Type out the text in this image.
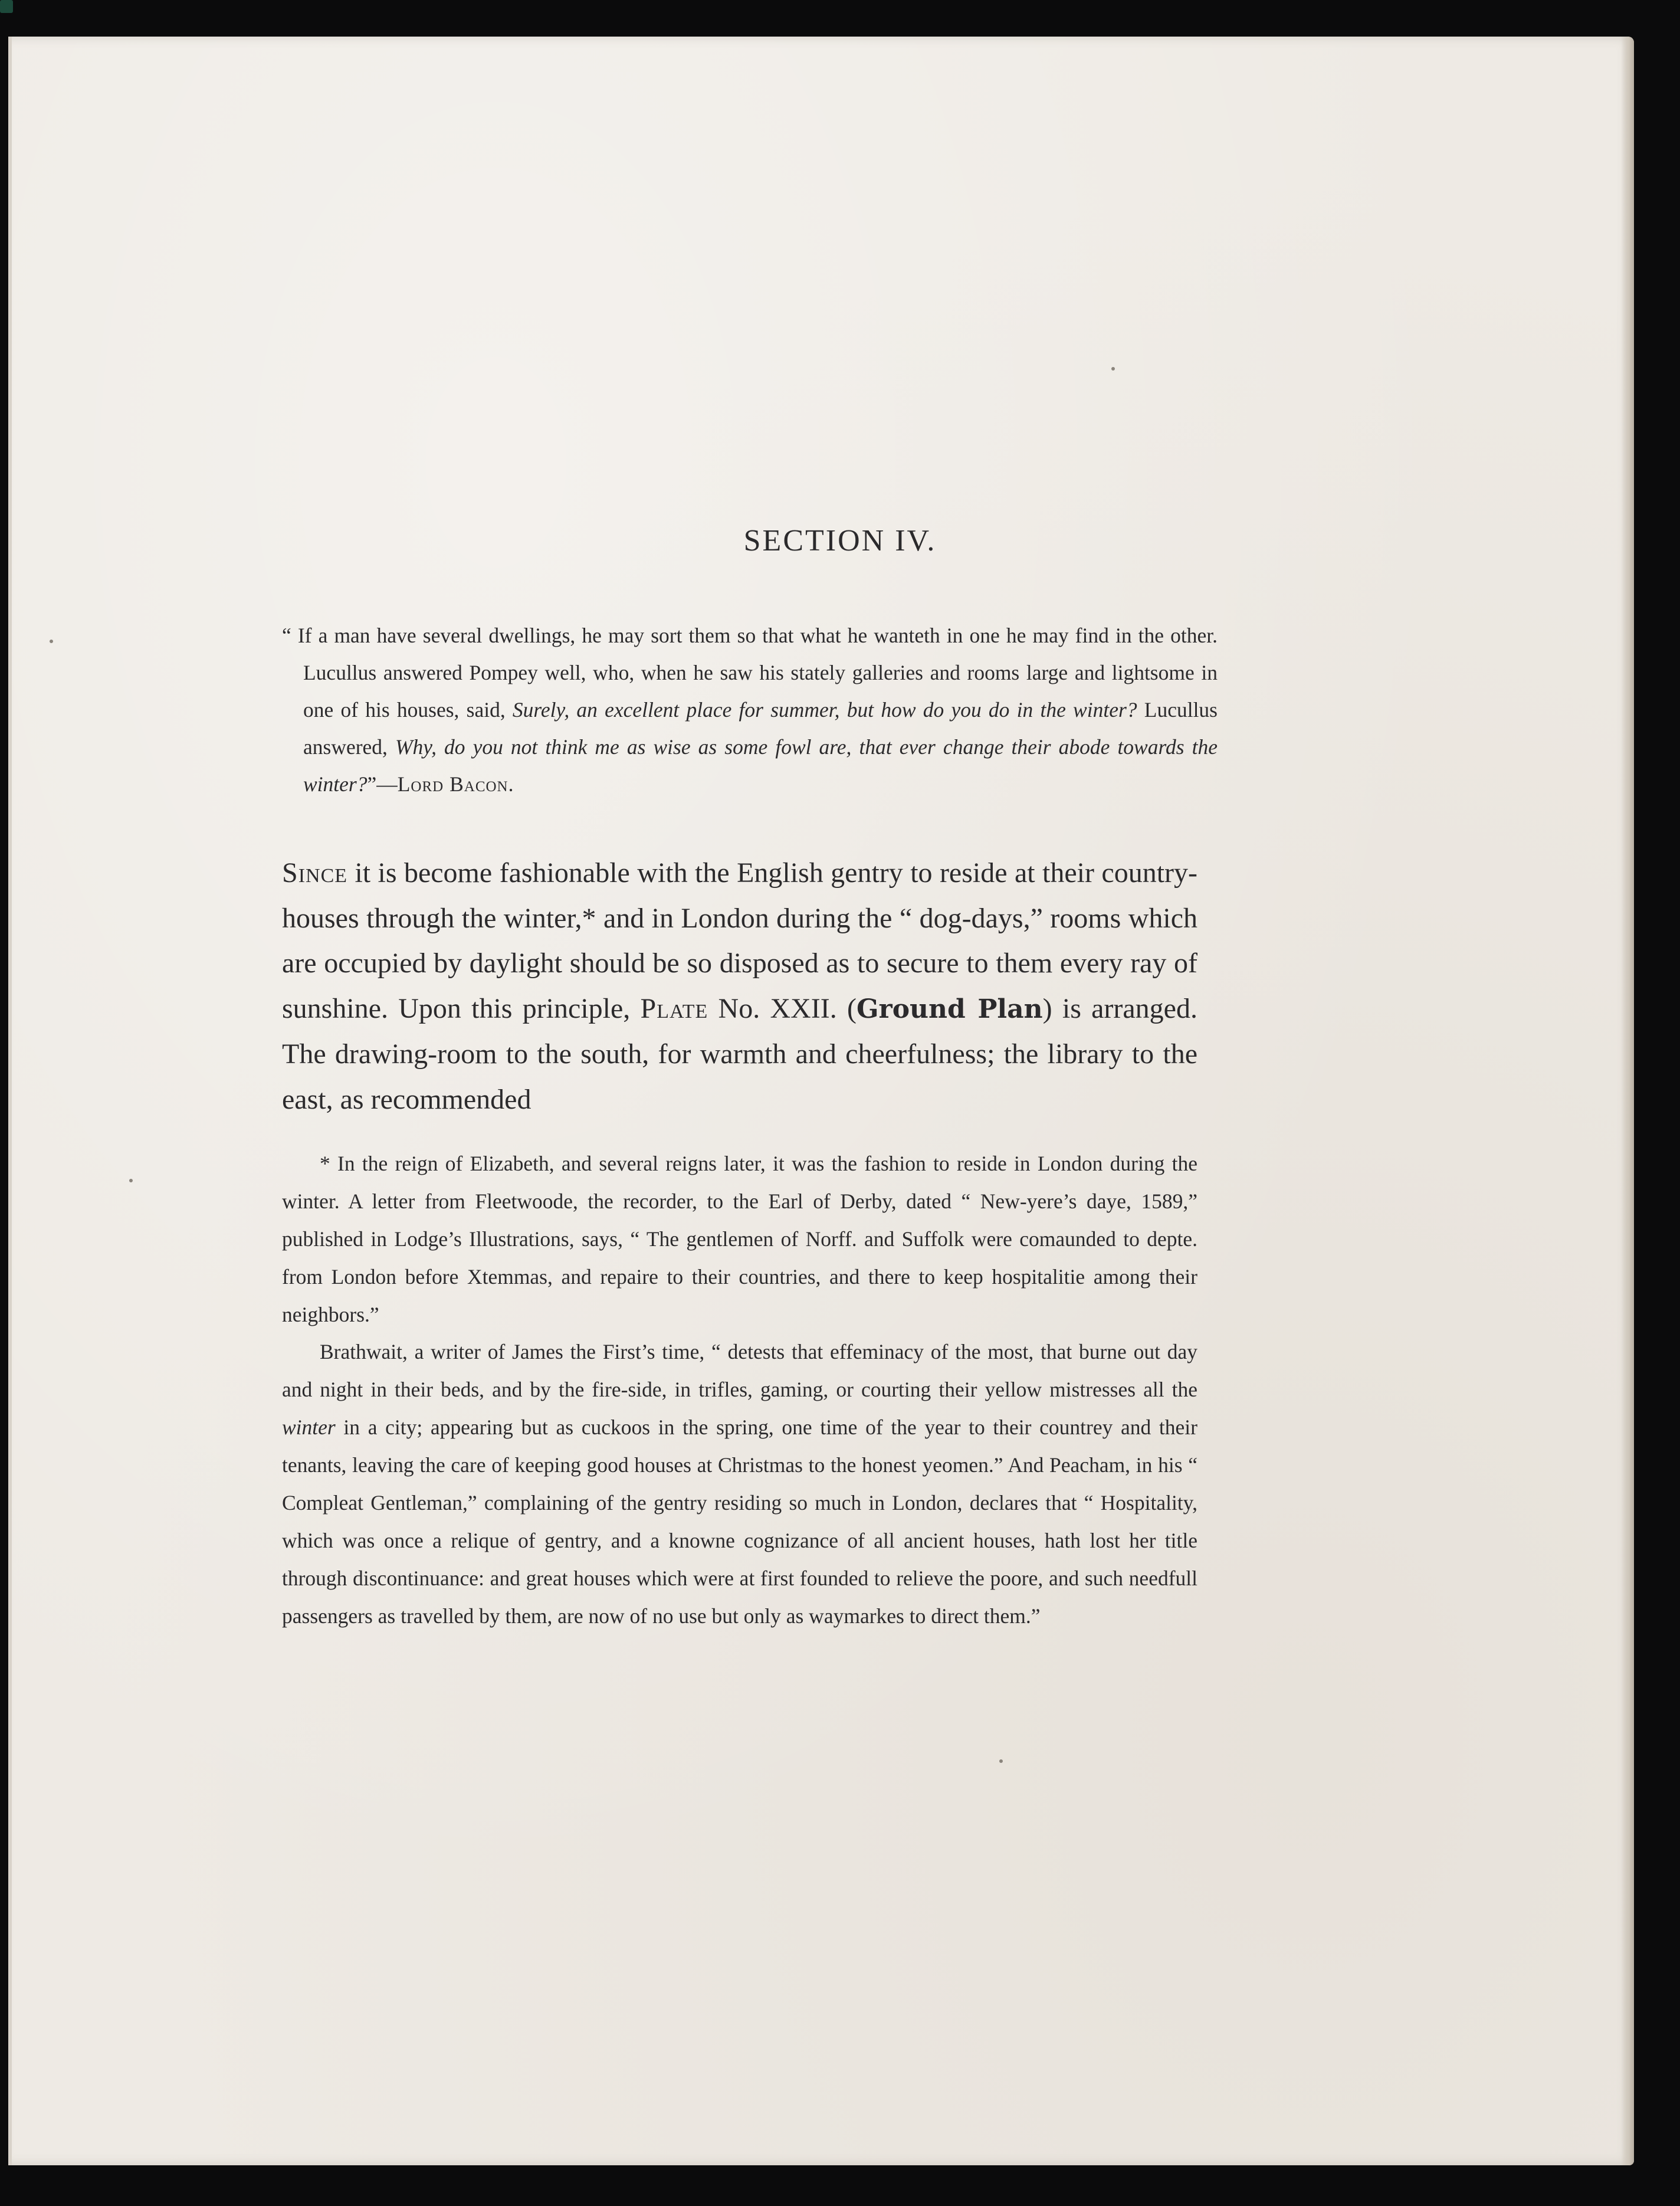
SECTION IV.
“ If a man have several dwellings, he may sort them so that what he wanteth in one he may find in the other. Lucullus answered Pompey well, who, when he saw his stately galleries and rooms large and lightsome in one of his houses, said, Surely, an excellent place for summer, but how do you do in the winter? Lucullus answered, Why, do you not think me as wise as some fowl are, that ever change their abode towards the winter?”—Lord Bacon.
Since it is become fashionable with the English gentry to reside at their country-houses through the winter,* and in London during the “ dog-days,” rooms which are occupied by daylight should be so disposed as to secure to them every ray of sunshine. Upon this principle, Plate No. XXII. (Ground Plan) is arranged. The drawing-room to the south, for warmth and cheerfulness; the library to the east, as recommended
* In the reign of Elizabeth, and several reigns later, it was the fashion to reside in London during the winter. A letter from Fleetwoode, the recorder, to the Earl of Derby, dated “ New-yere’s daye, 1589,” published in Lodge’s Illustrations, says, “ The gentlemen of Norff. and Suffolk were comaunded to depte. from London before Xtemmas, and repaire to their countries, and there to keep hospitalitie among their neighbors.”
Brathwait, a writer of James the First’s time, “ detests that effeminacy of the most, that burne out day and night in their beds, and by the fire-side, in trifles, gaming, or courting their yellow mistresses all the winter in a city; appearing but as cuckoos in the spring, one time of the year to their countrey and their tenants, leaving the care of keeping good houses at Christmas to the honest yeomen.” And Peacham, in his “ Compleat Gentleman,” complaining of the gentry residing so much in London, declares that “ Hospitality, which was once a relique of gentry, and a knowne cognizance of all ancient houses, hath lost her title through discontinuance: and great houses which were at first founded to relieve the poore, and such needfull passengers as travelled by them, are now of no use but only as waymarkes to direct them.”
